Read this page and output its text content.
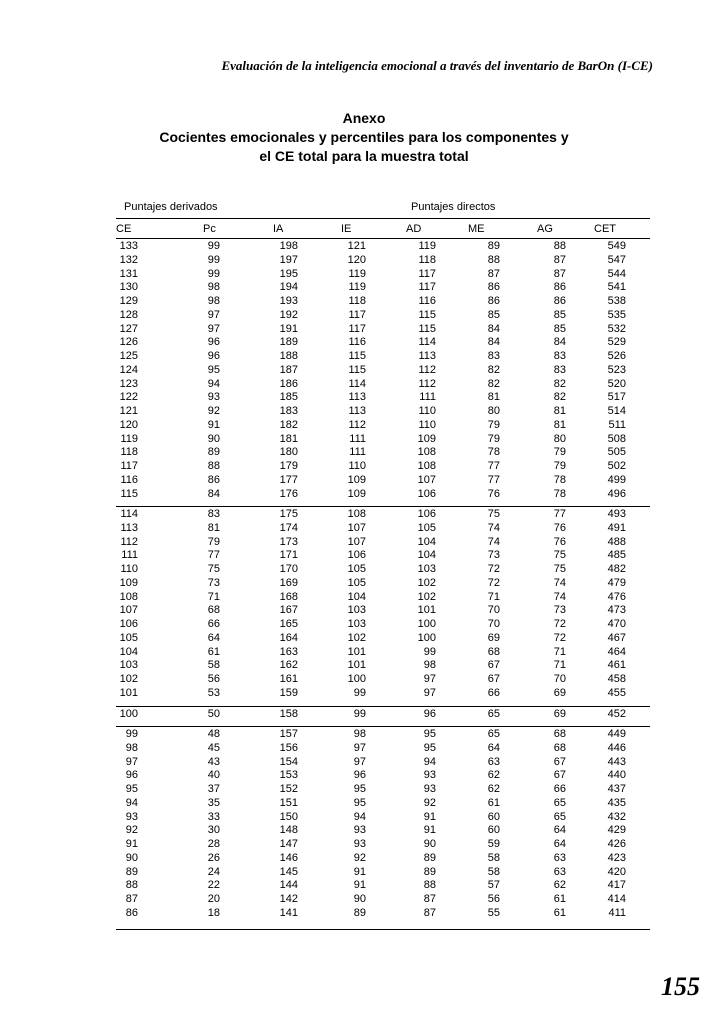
Evaluación de la inteligencia emocional a través del inventario de BarOn (I-CE)
Anexo
Cocientes emocionales y percentiles para los componentes y
el CE total para la muestra total
Puntajes derivados	Puntajes directos
CE	Pc	IA	IE	AD	ME	AG	CET
133	99	198	121	119	89	88	549
132	99	197	120	118	88	87	547
131	99	195	119	117	87	87	544
130	98	194	119	117	86	86	541
129	98	193	118	116	86	86	538
128	97	192	117	115	85	85	535
127	97	191	117	115	84	85	532
126	96	189	116	114	84	84	529
125	96	188	115	113	83	83	526
124	95	187	115	112	82	83	523
123	94	186	114	112	82	82	520
122	93	185	113	111	81	82	517
121	92	183	113	110	80	81	514
120	91	182	112	110	79	81	511
119	90	181	111	109	79	80	508
118	89	180	111	108	78	79	505
117	88	179	110	108	77	79	502
116	86	177	109	107	77	78	499
115	84	176	109	106	76	78	496
114	83	175	108	106	75	77	493
113	81	174	107	105	74	76	491
112	79	173	107	104	74	76	488
111	77	171	106	104	73	75	485
110	75	170	105	103	72	75	482
109	73	169	105	102	72	74	479
108	71	168	104	102	71	74	476
107	68	167	103	101	70	73	473
106	66	165	103	100	70	72	470
105	64	164	102	100	69	72	467
104	61	163	101	99	68	71	464
103	58	162	101	98	67	71	461
102	56	161	100	97	67	70	458
101	53	159	99	97	66	69	455
100	50	158	99	96	65	69	452
99	48	157	98	95	65	68	449
98	45	156	97	95	64	68	446
97	43	154	97	94	63	67	443
96	40	153	96	93	62	67	440
95	37	152	95	93	62	66	437
94	35	151	95	92	61	65	435
93	33	150	94	91	60	65	432
92	30	148	93	91	60	64	429
91	28	147	93	90	59	64	426
90	26	146	92	89	58	63	423
89	24	145	91	89	58	63	420
88	22	144	91	88	57	62	417
87	20	142	90	87	56	61	414
86	18	141	89	87	55	61	411
155
